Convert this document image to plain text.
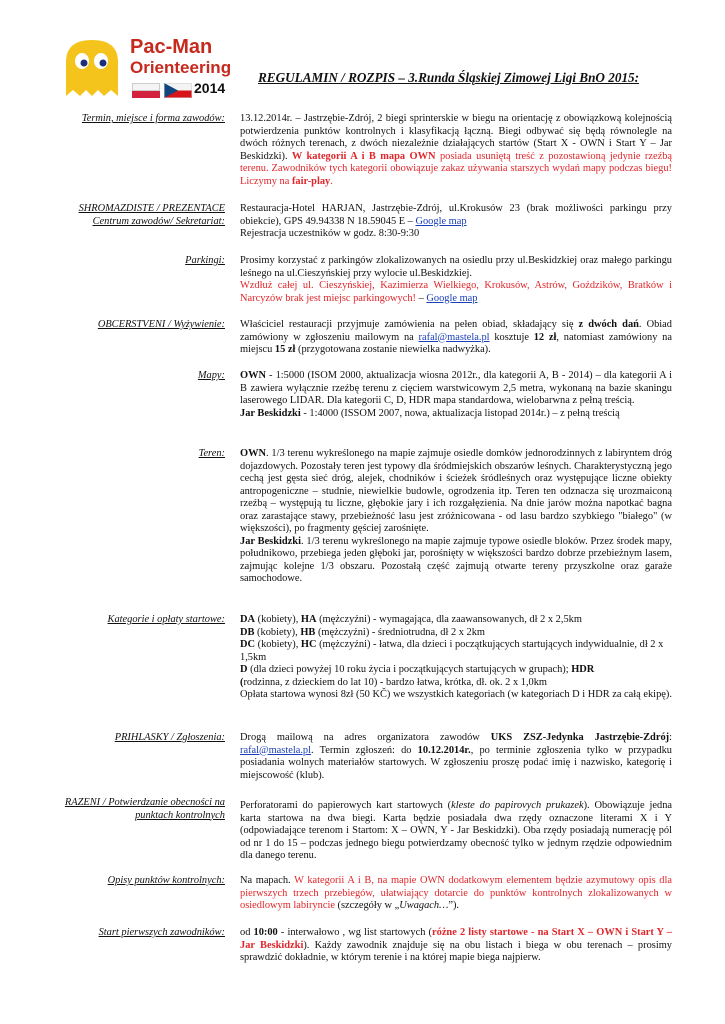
Pac-Man
Orienteering
2014
REGULAMIN / ROZPIS – 3.Runda Śląskiej Zimowej Ligi BnO 2015:
Termin, miejsce i forma zawodów: 13.12.2014r. – Jastrzębie-Zdrój, 2 biegi sprinterskie w biegu na orientację z obowiązkową kolejnością potwierdzenia punktów kontrolnych i klasyfikacją łączną. Biegi odbywać się będą równolegle na dwóch różnych terenach, z dwóch niezależnie działających startów (Start X - OWN i Start Y – Jar Beskidzki). W kategorii A i B mapa OWN posiada usuniętą treść z pozostawioną jedynie rzeźbą terenu. Zawodników tych kategorii obowiązuje zakaz używania starszych wydań mapy podczas biegu! Liczymy na fair-play.
SHROMAZDISTE / PREZENTACE
Centrum zawodów/ Sekretariat:
Restauracja-Hotel HARJAN, Jastrzębie-Zdrój, ul.Krokusów 23 (brak możliwości parkingu przy obiekcie), GPS 49.94338 N 18.59045 E – Google map
Rejestracja uczestników w godz. 8:30-9:30
Parkingi: Prosimy korzystać z parkingów zlokalizowanych na osiedlu przy ul.Beskidzkiej oraz małego parkingu leśnego na ul.Cieszyńskiej przy wylocie ul.Beskidzkiej.
Wzdłuż całej ul. Cieszyńskiej, Kazimierza Wielkiego, Krokusów, Astrów, Goździków, Bratków i Narcyzów brak jest miejsc parkingowych! – Google map
OBCERSTVENI / Wyżywienie: Właściciel restauracji przyjmuje zamówienia na pełen obiad, składający się z dwóch dań. Obiad zamówiony w zgłoszeniu mailowym na rafal@mastela.pl kosztuje 12 zł, natomiast zamówiony na miejscu 15 zł (przygotowana zostanie niewielka nadwyżka).
Mapy: OWN - 1:5000 (ISOM 2000, aktualizacja wiosna 2012r., dla kategorii A, B - 2014) – dla kategorii A i B zawiera wyłącznie rzeźbę terenu z cięciem warstwicowym 2,5 metra, wykonaną na bazie skaningu laserowego LIDAR. Dla kategorii C, D, HDR mapa standardowa, wielobarwna z pełną treścią.
Jar Beskidzki - 1:4000 (ISSOM 2007, nowa, aktualizacja listopad 2014r.) – z pełną treścią
Teren: OWN. 1/3 terenu wykreślonego na mapie zajmuje osiedle domków jednorodzinnych z labiryntem dróg dojazdowych. Pozostały teren jest typowy dla śródmiejskich obszarów leśnych. Charakterystyczną jego cechą jest gęsta sieć dróg, alejek, chodników i ścieżek śródleśnych oraz występujące liczne obiekty antropogeniczne – studnie, niewielkie budowle, ogrodzenia itp. Teren ten odznacza się urozmaiconą rzeźbą – występują tu liczne, głębokie jary i ich rozgałęzienia. Na dnie jarów można napotkać bagna oraz zarastające stawy, przebieżność lasu jest zróżnicowana - od lasu bardzo szybkiego "białego" (w większości), po fragmenty gęściej zarośnięte.
Jar Beskidzki. 1/3 terenu wykreślonego na mapie zajmuje typowe osiedle bloków. Przez środek mapy, południkowo, przebiega jeden głęboki jar, porośnięty w większości bardzo dobrze przebieżnym lasem, zajmując kolejne 1/3 obszaru. Pozostałą część zajmują otwarte tereny przyszkolne oraz garaże samochodowe.
Kategorie i opłaty startowe: DA (kobiety), HA (mężczyźni) - wymagająca, dla zaawansowanych, dł 2 x 2,5km
DB (kobiety), HB (mężczyźni) - średniotrudna, dł 2 x 2km
DC (kobiety), HC (mężczyźni) - łatwa, dla dzieci i początkujących startujących indywidualnie, dł 2 x 1,5km
D (dla dzieci powyżej 10 roku życia i początkujących startujących w grupach); HDR
(rodzinna, z dzieckiem do lat 10) - bardzo łatwa, krótka, dł. ok. 2 x 1,0km
Opłata startowa wynosi 8zł (50 KČ) we wszystkich kategoriach (w kategoriach D i HDR za całą ekipę).
PRIHLASKY / Zgłoszenia: Drogą mailową na adres organizatora zawodów UKS ZSZ-Jedynka Jastrzębie-Zdrój: rafal@mastela.pl. Termin zgłoszeń: do 10.12.2014r., po terminie zgłoszenia tylko w przypadku posiadania wolnych materiałów startowych. W zgłoszeniu proszę podać imię i nazwisko, kategorię i miejscowość (klub).
RAZENI / Potwierdzanie obecności na
punktach kontrolnych
Perforatorami do papierowych kart startowych (kleste do papirovych prukazek). Obowiązuje jedna karta startowa na dwa biegi. Karta będzie posiadała dwa rzędy oznaczone literami X i Y (odpowiadające terenom i Startom: X – OWN, Y - Jar Beskidzki). Oba rzędy posiadają numerację pól od nr 1 do 15 – podczas jednego biegu potwierdzamy obecność tylko w jednym rzędzie odpowiednim dla danego terenu.
Opisy punktów kontrolnych: Na mapach. W kategorii A i B, na mapie OWN dodatkowym elementem będzie azymutowy opis dla pierwszych trzech przebiegów, ułatwiający dotarcie do punktów kontrolnych zlokalizowanych w osiedlowym labiryncie (szczegóły w „Uwagach…”).
Start pierwszych zawodników: od 10:00 - interwałowo , wg list startowych (różne 2 listy startowe - na Start X – OWN i Start Y – Jar Beskidzki). Każdy zawodnik znajduje się na obu listach i biega w obu terenach – prosimy sprawdzić dokładnie, w którym terenie i na której mapie biega najpierw.
